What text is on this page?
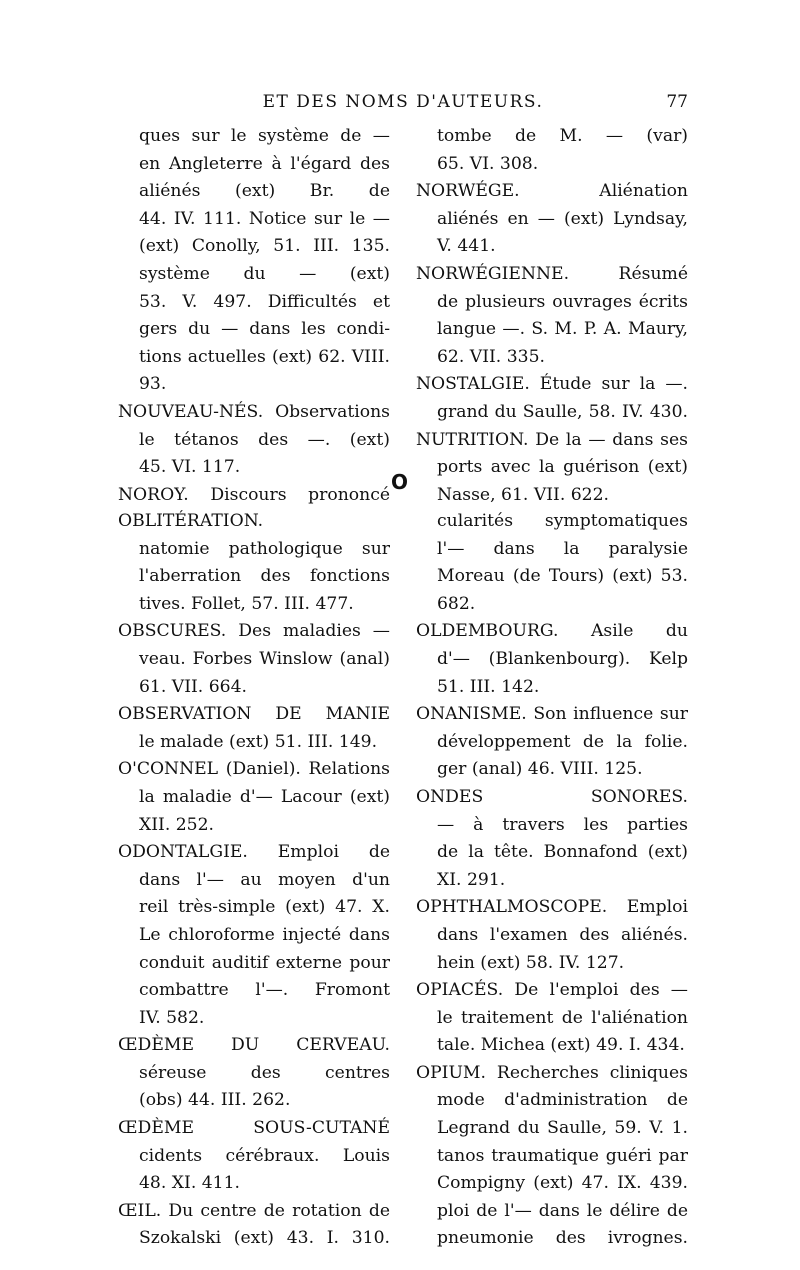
ET DES NOMS D'AUTEURS.	77
ques sur le système de —
en Angleterre à l'égard des
aliénés (ext) Br. de
44. IV. 111. Notice sur le —
(ext) Conolly, 51. III. 135.
système du — (ext)
53. V. 497. Difficultés et
gers du — dans les condi-
tions actuelles (ext) 62. VIII.
93.
NOUVEAU-NÉS. Observations
le tétanos des —. (ext)
45. VI. 117.
NOROY. Discours prononcé
tombe de M. — (var)
65. VI. 308.
NORWÉGE. Aliénation
aliénés en — (ext) Lyndsay,
V. 441.
NORWÉGIENNE. Résumé
de plusieurs ouvrages écrits
langue —. S. M. P. A. Maury,
62. VII. 335.
NOSTALGIE. Étude sur la —.
grand du Saulle, 58. IV. 430.
NUTRITION. De la — dans ses
ports avec la guérison (ext)
Nasse, 61. VII. 622.
O
OBLITÉRATION.
natomie pathologique sur
l'aberration des fonctions
tives. Follet, 57. III. 477.
OBSCURES. Des maladies —
veau. Forbes Winslow (anal)
61. VII. 664.
OBSERVATION DE MANIE
le malade (ext) 51. III. 149.
O'CONNEL (Daniel). Relations
la maladie d'— Lacour (ext)
XII. 252.
ODONTALGIE. Emploi de
dans l'— au moyen d'un
reil très-simple (ext) 47. X.
Le chloroforme injecté dans
conduit auditif externe pour
combattre l'—. Fromont
IV. 582.
ŒDÈME DU CERVEAU.
séreuse des centres
(obs) 44. III. 262.
ŒDÈME SOUS-CUTANÉ
cidents cérébraux. Louis
48. XI. 411.
ŒIL. Du centre de rotation de
Szokalski (ext) 43. I. 310.
cularités symptomatiques
l'— dans la paralysie
Moreau (de Tours) (ext) 53.
682.
OLDEMBOURG. Asile du
d'— (Blankenbourg). Kelp
51. III. 142.
ONANISME. Son influence sur
développement de la folie.
ger (anal) 46. VIII. 125.
ONDES SONORES.
— à travers les parties
de la tête. Bonnafond (ext)
XI. 291.
OPHTHALMOSCOPE. Emploi
dans l'examen des aliénés.
hein (ext) 58. IV. 127.
OPIACÉS. De l'emploi des —
le traitement de l'aliénation
tale. Michea (ext) 49. I. 434.
OPIUM. Recherches cliniques
mode d'administration de
Legrand du Saulle, 59. V. 1.
tanos traumatique guéri par
Compigny (ext) 47. IX. 439.
ploi de l'— dans le délire de
pneumonie des ivrognes.
